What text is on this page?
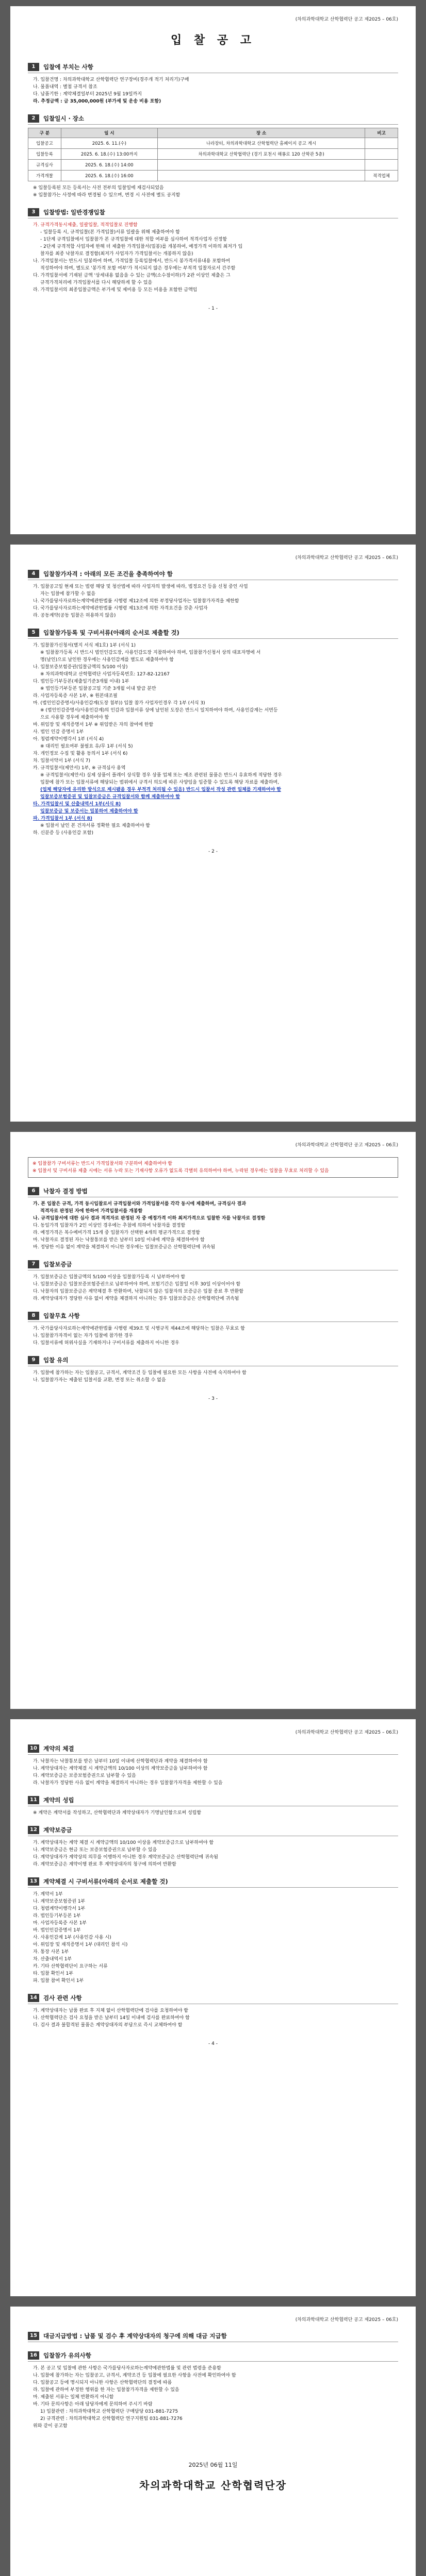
(차의과학대학교 산학협력단 공고 제2025 – 06호)
입 찰 공 고
1	입찰에 부치는 사항
가. 입찰건명 : 차의과학대학교 산학협력단 연구장비(경주개 적기 처리기)구매
나. 물품내역 : 별첨 규격서 참조
다. 납품기한 : 계약체결일부터 2025년 9월 19일까지
라. 추정금액 : 금 35,000,000원 (부가세 및 운송 비용 포함)
2	입찰일시 · 장소
구 분	일 시	장 소	비고
입찰공고	2025. 6. 11.(수)	나라장터, 차의과학대학교 산학협력단 홈페이지 공고 게시	
입찰등록	2025. 6. 18.(수) 13:00까지	차의과학대학교 산학협력단 (경기 포천시 해룡로 120 산학관 5층)	
규격심사	2025. 6. 18.(수) 14:00		
가격개찰	2025. 6. 18.(수) 16:00		적격업체
※ 입찰등록된 모든 등록서는 사전 전부의 입찰일에 재검사되었음
※ 입찰참가는 사정에 따라 변경될 수 있으며, 변경 시 사전에 별도 공지함
3	입찰방법: 일반경쟁입찰
가. 규격가격동시제출, 일괄입찰, 적격입찰로 진행함
- 입찰등록 시, 규격입찰(본 가격입찰)서류 일괄을 위해 제출하여야 함
- 1단계 규격입찰에서 입찰참가 본 규격입찰에 대한 적합 여부를 심사하여 적격사업자 선정함
- 2단계 규격적합 사업자에 한해 더 제출한 가격입찰서(밀봉)를 개봉하여, 예정가격 이하의 최저가 입
찰자를 최종 낙찰자로 결정함(최저가 사업자가 가격입찰서는 개봉하지 않음)
나. 가격입찰서는 반드시 밀봉하여 하며, 가격입찰 등록입찰에서, 반드시 봉가격서류내용 포함하여
적성하여야 하며, 별도로 '봉가격 포함 여부'가 적시되지 않은 경우에는 부적격 입찰자로서 간주함
다. 가격입찰서에 기재된 금액 '상세내용 없음을 수 있는 금액(소수점이하)가 2관 이상인 제출은 그
규격가격처리에 가격입찰서를 다시 해당하게 할 수 있음
라. 가격입찰서의 최종입찰금액은 부가세 및 제비용 등 모든 비용을 포함한 금액임
- 1 -
(차의과학대학교 산학협력단 공고 제2025 – 06호)
4	입찰참가자격 : 아래의 모든 조건을 충족하여야 함
가. 입찰공고일 현재 또는 법령 해당 및 청산법에 따라 사업자의 발생에 따라, 법정요건 등을 신청 중인 사업
자는 입찰에 참가할 수 없음
나. 국가를당사자로하는계약에관한법률 시행령 제12조에 의한 부정당사업자는 입찰참가자격을 제한함
다. 국가를당사자로하는계약에관한법률 시행령 제13조에 의한 자격요건을 갖춘 사업자
라. 공동계약(공동 입찰은 허용하지 않음)
5	입찰참가등록 및 구비서류(아래의 순서로 제출할 것)
가. 입찰참가신청서(별지 서식 제1호) 1부 (서식 1)
※ 입찰참가등록 시 반드시 법인인감도장, 사용인감도장 지참하여야 하며, 입찰참가신청서 상의 대표자명에 서
명(날인)으로 날인한 경우에는 사용인감계를 별도로 제출하여야 함
나. 입찰보증보험증권(입찰금액의 5/100 이상)
※ 차의과학대학교 산학협력단 사업자등록번호: 127-82-12167
다. 법인등기부등본(제출일기준3개월 이내) 1부
※ 법인등기부등본 입찰공고일 기준 3개월 이내 발급 분만
라. 사업자등록증 사본 1부, ※ 원본대조필
마. (법인인감증명서/사용인감계(도장 첨부)) 입찰 참가 사업자인경우 각 1부 (서식 3)
※ (법인인감증명서/사용인감계)의 인감과 입찰서류 상에 날인된 도장은 반드시 일치하여야 하며, 사용인감계는 서면등
으로 사용할 경우에 제출하여야 함
바. 위임장 및 재직증명서 1부 ※ 위임받은 자의 참여에 한함
사. 법인 인감 증명서 1부
아. 청렴계약이행각서 1부 (서식 4)
※ 대리인 필요여부 불필요 유/무 1부 (서식 5)
자. 개인정보 수집 및 활용 동의서 1부 (서식 6)
차. 입찰서약서 1부 (서식 7)
카. 규격입찰서(제안서) 1부, ※ 규격심사 용역
※ 규격입찰서(제안서) 실제 상품이 플레이 상식할 경우 상품 업체 또는 제조 관련된 물품은 반드시 유효하게 적당한 경우
입찰에 참가 또는 입찰서류에 해당되는 범위에서 규격서 의도에 따른 사양임을 입증할 수 있도록 해당 자료를 제출하며,
(업체 해당자에 유리한 방식으로 제시됐을 경우 부적격 처리될 수 있음) 반드시 입찰서 작성 관련 일체를 기재하여야 함
입찰보증보험증권 및 입찰보증금은 규격입찰서와 함께 제출하여야 함
타. 가격입찰서 및 산출내역서 1부(서식 8)
입찰보증금 및 보증서는 밀봉하여 제출하여야 함
파. 가격입찰서 1부 (서식 8)
※ 입찰서 날인 본 건자서류 정확한 필요 제출하여야 함
하. 신분증 등 (사용인감 포함)
- 2 -
(차의과학대학교 산학협력단 공고 제2025 – 06호)
※ 입찰참가 구비서류는 반드시 가격입찰서와 구분하여 제출하여야 함
※ 입찰서 및 구비서류 제출 시에는 서류 누락 또는 기재사항 오류가 없도록 각별히 유의하여야 하며, 누락된 경우에는 입찰을 무효로 처리할 수 있음
6	낙찰자 결정 방법
가. 본 입찰은 규격, 가격 동시입찰로서 규격입찰서와 가격입찰서를 각각 동시에 제출하며, 규격심사 결과
적격자로 판정된 자에 한하여 가격입찰서를 개봉함
나. 규격입찰서에 대한 심사 결과 적격자로 판정된 자 중 예정가격 이하 최저가격으로 입찰한 자를 낙찰자로 결정함
다. 동일가격 입찰자가 2인 이상인 경우에는 추첨에 의하여 낙찰자를 결정함
라. 예정가격은 복수예비가격 15개 중 입찰자가 선택한 4개의 평균가격으로 결정함
마. 낙찰자로 결정된 자는 낙찰통보를 받은 날부터 10일 이내에 계약을 체결하여야 함
바. 정당한 이유 없이 계약을 체결하지 아니한 경우에는 입찰보증금은 산학협력단에 귀속됨
7	입찰보증금
가. 입찰보증금은 입찰금액의 5/100 이상을 입찰참가등록 시 납부하여야 함
나. 입찰보증금은 입찰보증보험증권으로 납부하여야 하며, 보험기간은 입찰일 이후 30일 이상이어야 함
다. 낙찰자의 입찰보증금은 계약체결 후 반환하며, 낙찰되지 않은 입찰자의 보증금은 입찰 종료 후 반환함
라. 계약상대자가 정당한 사유 없이 계약을 체결하지 아니하는 경우 입찰보증금은 산학협력단에 귀속됨
8	입찰무효 사항
가. 국가를당사자로하는계약에관한법률 시행령 제39조 및 시행규칙 제44조에 해당하는 입찰은 무효로 함
나. 입찰참가자격이 없는 자가 입찰에 참가한 경우
다. 입찰서류에 허위사실을 기재하거나 구비서류를 제출하지 아니한 경우
9	입찰 유의
가. 입찰에 참가하는 자는 입찰공고, 규격서, 계약조건 등 입찰에 필요한 모든 사항을 사전에 숙지하여야 함
나. 입찰참가자는 제출된 입찰서를 교환, 변경 또는 취소할 수 없음
- 3 -
(차의과학대학교 산학협력단 공고 제2025 – 06호)
10	계약의 체결
가. 낙찰자는 낙찰통보를 받은 날부터 10일 이내에 산학협력단과 계약을 체결하여야 함
나. 계약상대자는 계약체결 시 계약금액의 10/100 이상의 계약보증금을 납부하여야 함
다. 계약보증금은 보증보험증권으로 납부할 수 있음
라. 낙찰자가 정당한 사유 없이 계약을 체결하지 아니하는 경우 입찰참가자격을 제한할 수 있음
11	계약의 성립
※ 계약은 계약서를 작성하고, 산학협력단과 계약상대자가 기명날인함으로써 성립함
12	계약보증금
가. 계약상대자는 계약 체결 시 계약금액의 10/100 이상을 계약보증금으로 납부하여야 함
나. 계약보증금은 현금 또는 보증보험증권으로 납부할 수 있음
다. 계약상대자가 계약상의 의무를 이행하지 아니한 경우 계약보증금은 산학협력단에 귀속됨
라. 계약보증금은 계약이행 완료 후 계약상대자의 청구에 의하여 반환함
13	계약체결 시 구비서류(아래의 순서로 제출할 것)
가. 계약서 1부
나. 계약보증보험증권 1부
다. 청렴계약이행각서 1부
라. 법인등기부등본 1부
마. 사업자등록증 사본 1부
바. 법인인감증명서 1부
사. 사용인감계 1부 (사용인감 사용 시)
아. 위임장 및 재직증명서 1부 (대리인 참석 시)
자. 통장 사본 1부
차. 산출내역서 1부
카. 기타 산학협력단이 요구하는 서류
타. 입찰 확인서 1부
파. 입찰 참여 확인서 1부
14	검사 관련 사항
가. 계약상대자는 납품 완료 후 지체 없이 산학협력단에 검사를 요청하여야 함
나. 산학협력단은 검사 요청을 받은 날부터 14일 이내에 검사를 완료하여야 함
다. 검사 결과 불합격된 물품은 계약상대자의 부담으로 즉시 교체하여야 함
- 4 -
(차의과학대학교 산학협력단 공고 제2025 – 06호)
15	대금지급방법 : 납품 및 검수 후 계약상대자의 청구에 의해 대금 지급함
16	입찰참가 유의사항
가. 본 공고 및 입찰에 관한 사항은 국가를당사자로하는계약에관한법률 및 관련 법령을 준용함
나. 입찰에 참가하는 자는 입찰공고, 규격서, 계약조건 등 입찰에 필요한 사항을 사전에 확인하여야 함
다. 입찰공고 등에 명시되지 아니한 사항은 산학협력단의 결정에 따름
라. 입찰에 관하여 부정한 행위를 한 자는 입찰참가자격을 제한할 수 있음
마. 제출된 서류는 일체 반환하지 아니함
바. 기타 문의사항은 아래 담당자에게 문의하여 주시기 바람
1) 입찰관련 : 차의과학대학교 산학협력단 구매담당 031-881-7275
2) 규격관련 : 차의과학대학교 산학협력단 연구지원팀 031-881-7276
위와 같이 공고함
2025년 06월 11일
차의과학대학교 산학협력단장
